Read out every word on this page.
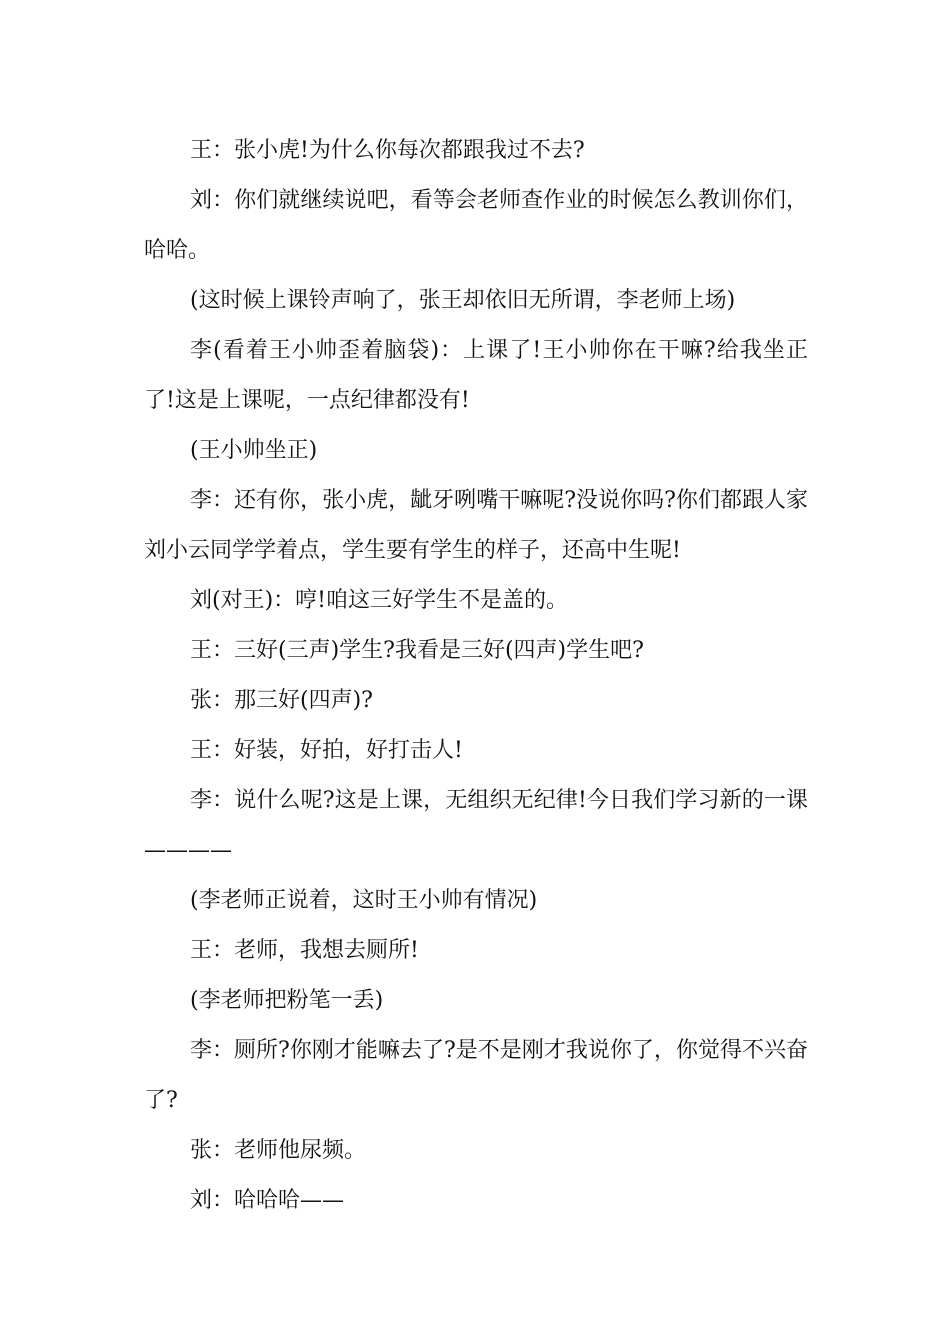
王：张小虎!为什么你每次都跟我过不去?

刘：你们就继续说吧，看等会老师查作业的时候怎么教训你们，哈哈。

(这时候上课铃声响了，张王却依旧无所谓，李老师上场)

李(看着王小帅歪着脑袋)：上课了!王小帅你在干嘛?给我坐正了!这是上课呢，一点纪律都没有!

(王小帅坐正)

李：还有你，张小虎，龇牙咧嘴干嘛呢?没说你吗?你们都跟人家刘小云同学学着点，学生要有学生的样子，还高中生呢!

刘(对王)：哼!咱这三好学生不是盖的。

王：三好(三声)学生?我看是三好(四声)学生吧?

张：那三好(四声)?

王：好装，好拍，好打击人!

李：说什么呢?这是上课，无组织无纪律!今日我们学习新的一课————

(李老师正说着，这时王小帅有情况)

王：老师，我想去厕所!

(李老师把粉笔一丢)

李：厕所?你刚才能嘛去了?是不是刚才我说你了，你觉得不兴奋了?

张：老师他尿频。

刘：哈哈哈——
